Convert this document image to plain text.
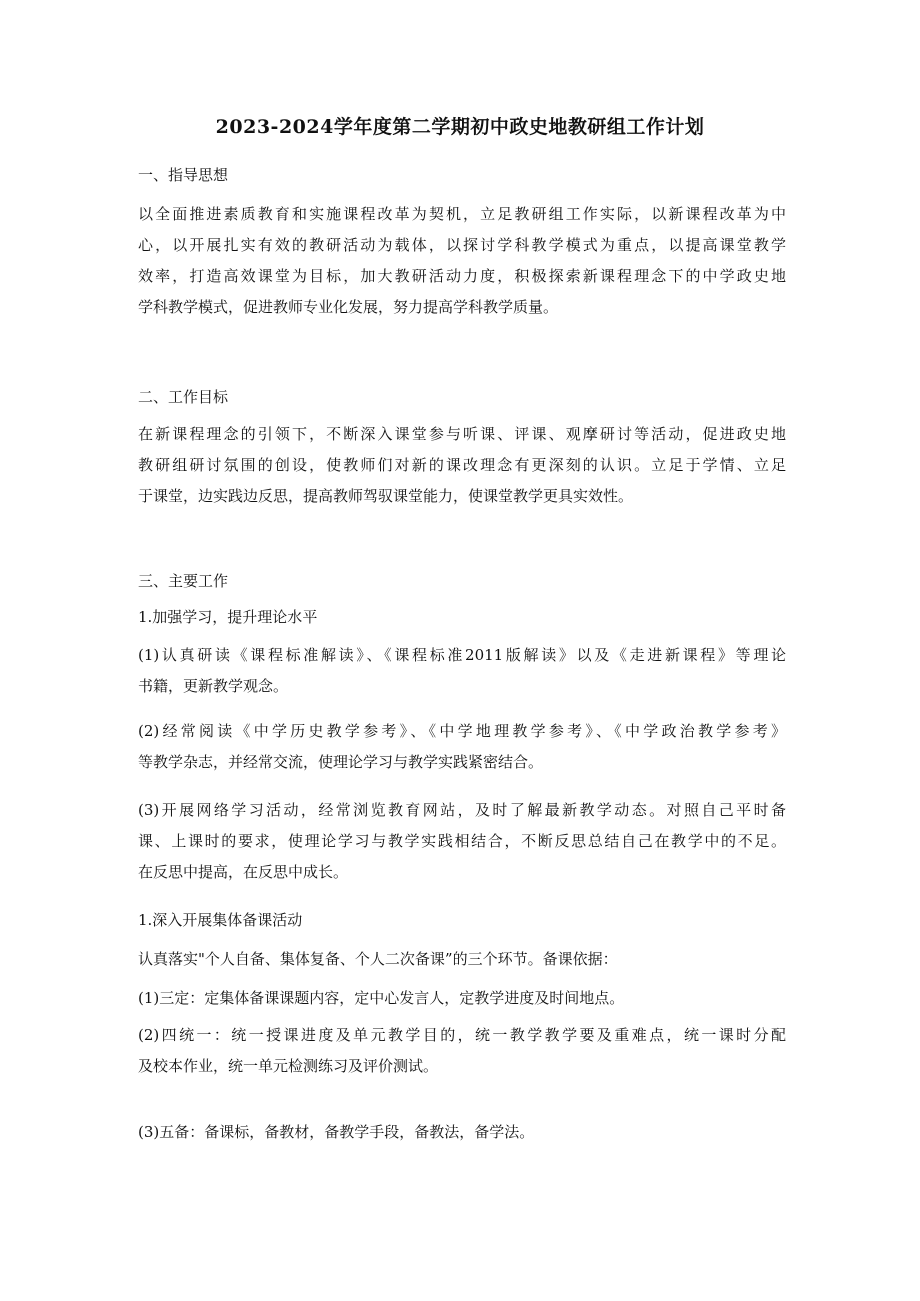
2023-2024学年度第二学期初中政史地教研组工作计划
一、指导思想
以全面推进素质教育和实施课程改革为契机，立足教研组工作实际，以新课程改革为中
心，以开展扎实有效的教研活动为载体，以探讨学科教学模式为重点，以提高课堂教学
效率，打造高效课堂为目标，加大教研活动力度，积极探索新课程理念下的中学政史地
学科教学模式，促进教师专业化发展，努力提高学科教学质量。
二、工作目标
在新课程理念的引领下，不断深入课堂参与听课、评课、观摩研讨等活动，促进政史地
教研组研讨氛围的创设，使教师们对新的课改理念有更深刻的认识。立足于学情、立足
于课堂，边实践边反思，提高教师驾驭课堂能力，使课堂教学更具实效性。
三、主要工作
1.加强学习，提升理论水平
(1)认真研读《课程标准解读》、《课程标准2011版解读》以及《走进新课程》等理论
书籍，更新教学观念。
(2)经常阅读《中学历史教学参考》、《中学地理教学参考》、《中学政治教学参考》
等教学杂志，并经常交流，使理论学习与教学实践紧密结合。
(3)开展网络学习活动，经常浏览教育网站，及时了解最新教学动态。对照自己平时备
课、上课时的要求，使理论学习与教学实践相结合，不断反思总结自己在教学中的不足。
在反思中提高，在反思中成长。
1.深入开展集体备课活动
认真落实"个人自备、集体复备、个人二次备课”的三个环节。备课依据：
(1)三定：定集体备课课题内容，定中心发言人，定教学进度及时间地点。
(2)四统一：统一授课进度及单元教学目的，统一教学教学要及重难点，统一课时分配
及校本作业，统一单元检测练习及评价测试。
(3)五备：备课标，备教材，备教学手段，备教法，备学法。
